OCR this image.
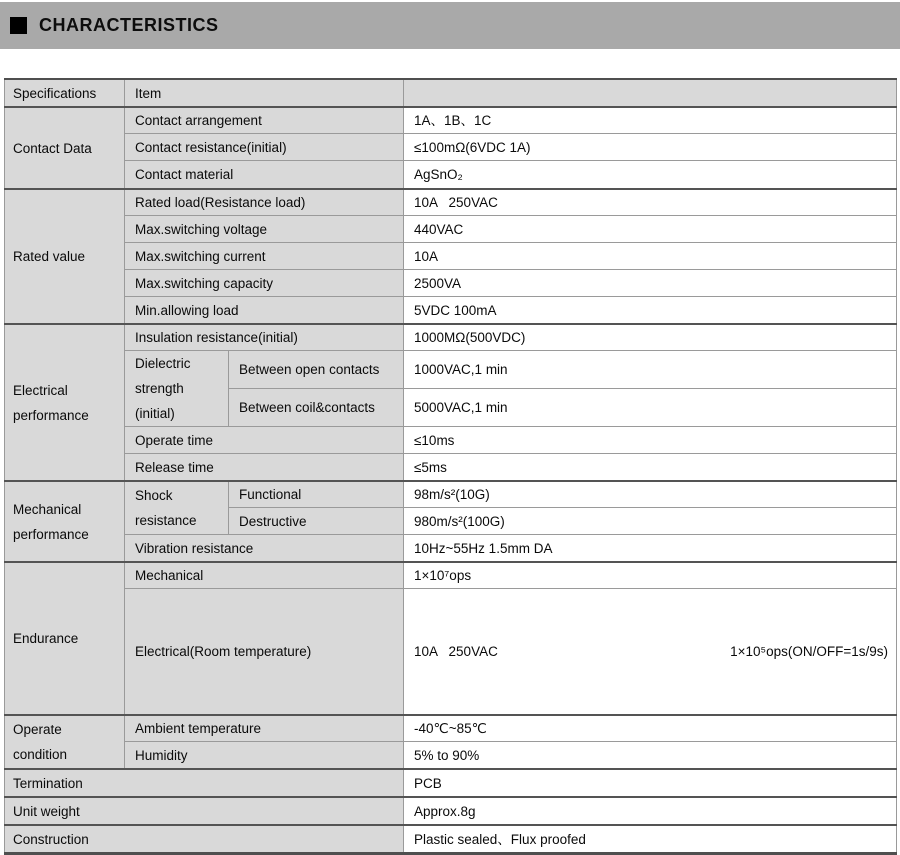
CHARACTERISTICS
Specifications	Item		
Contact Data	Contact arrangement		1A、1B、1C
	Contact resistance(initial)		≤100mΩ(6VDC 1A)
	Contact material		AgSnO₂
Rated value	Rated load(Resistance load)		10A   250VAC
	Max.switching voltage		440VAC
	Max.switching current		10A
	Max.switching capacity		2500VA
	Min.allowing load		5VDC 100mA
Electrical performance	Insulation resistance(initial)		1000MΩ(500VDC)
	Dielectric strength (initial)	Between open contacts	1000VAC,1 min
		Between coil&contacts	5000VAC,1 min
	Operate time		≤10ms
	Release time		≤5ms
Mechanical performance	Shock resistance	Functional	98m/s²(10G)
		Destructive	980m/s²(100G)
	Vibration resistance		10Hz~55Hz 1.5mm DA
Endurance	Mechanical		1×10⁷ops
	Electrical(Room temperature)		10A   250VAC 1×10⁵ops(ON/OFF=1s/9s)

Operate condition	Ambient temperature		-40℃~85℃
	Humidity		5% to 90%
Termination			PCB
Unit weight			Approx.8g
Construction			Plastic sealed、Flux proofed
